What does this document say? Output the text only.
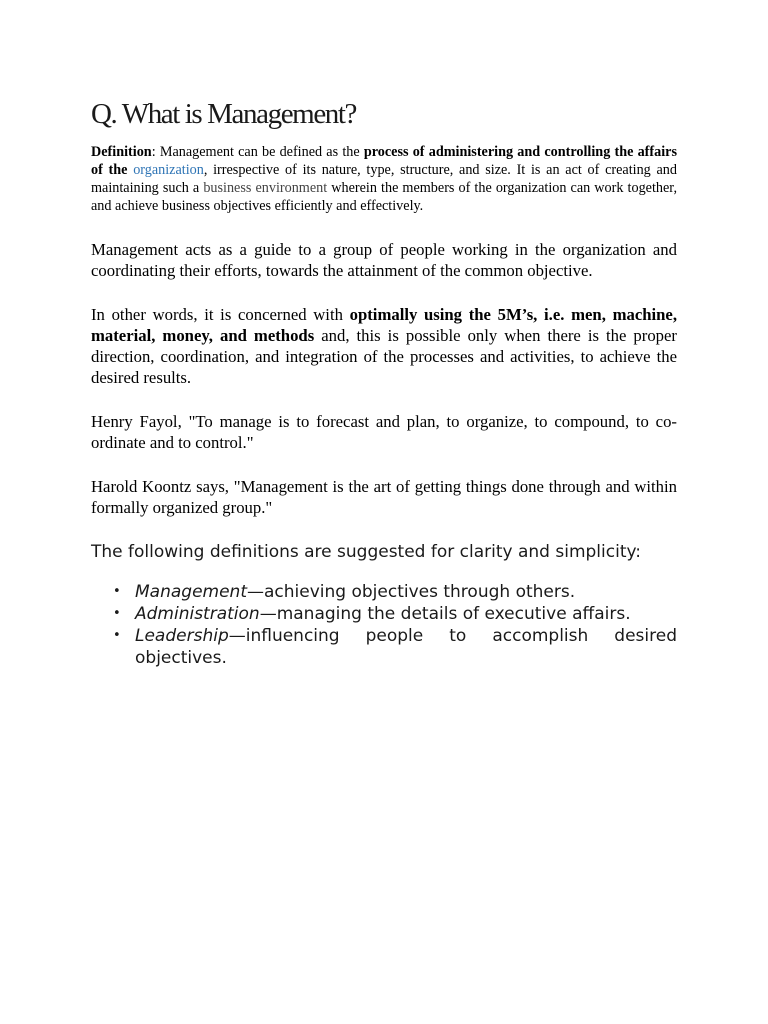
Q. What is Management?

Definition: Management can be defined as the process of administering and controlling the affairs of the organization, irrespective of its nature, type, structure, and size. It is an act of creating and maintaining such a business environment wherein the members of the organization can work together, and achieve business objectives efficiently and effectively.

Management acts as a guide to a group of people working in the organization and coordinating their efforts, towards the attainment of the common objective.

In other words, it is concerned with optimally using the 5M’s, i.e. men, machine, material, money, and methods and, this is possible only when there is the proper direction, coordination, and integration of the processes and activities, to achieve the desired results.

Henry Fayol, "To manage is to forecast and plan, to organize, to compound, to co-ordinate and to control."

Harold Koontz says, "Management is the art of getting things done through and within formally organized group."

The following definitions are suggested for clarity and simplicity:

• Management—achieving objectives through others.
• Administration—managing the details of executive affairs.
• Leadership—influencing people to accomplish desired objectives.
